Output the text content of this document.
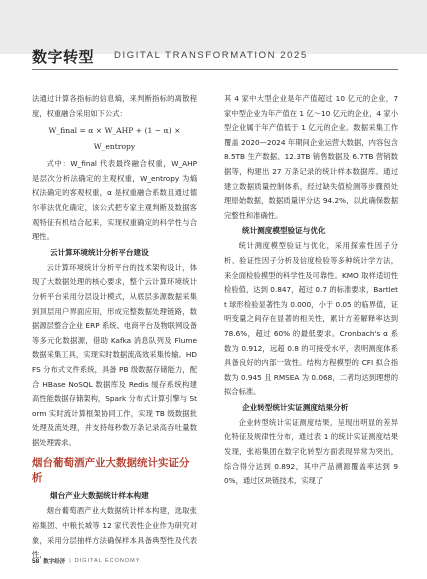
数字转型 DIGITAL TRANSFORMATION 2025

法通过计算各指标的信息熵，来判断指标的离散程度，权重融合采用如下公式：

W_final = α × W_AHP + (1 − α) × W_entropy

式中：W_final 代表最终融合权重，W_AHP 是层次分析法确定的主观权重，W_entropy 为熵权法确定的客观权重，α 是权重融合系数且通过德尔菲法优化确定，该公式把专家主观判断及数据客观特征有机结合起来，实现权重确定的科学性与合理性。

云计算环境统计分析平台建设

云计算环境统计分析平台的技术架构设计，体现了大数据处理的核心要求，整个云计算环境统计分析平台采用分层设计模式，从底层多源数据采集到顶层用户界面应用，形成完整数据处理链路，数据源层整合企业 ERP 系统、电商平台及物联网设备等多元化数据源，借助 Kafka 消息队列及 Flume 数据采集工具，实现实时数据流高效采集传输。HDFS 分布式文件系统，具备 PB 级数据存储能力，配合 HBase NoSQL 数据库及 Redis 缓存系统构建高性能数据存储架构，Spark 分布式计算引擎与 Storm 实时流计算框架协同工作，实现 TB 级数据批处理及流处理，并支持每秒数万条记录高吞吐量数据处理需求。

烟台葡萄酒产业大数据统计实证分析

烟台产业大数据统计样本构建

烟台葡萄酒产业大数据统计样本构建，选取张裕集团、中粮长城等 12 家代表性企业作为研究对象，采用分层抽样方法确保样本具备典型性及代表性，

其 4 家中大型企业是年产值超过 10 亿元的企业，7 家中型企业为年产值在 1 亿～10 亿元的企业，4 家小型企业属于年产值低于 1 亿元的企业。数据采集工作覆盖 2020—2024 年期间企业运营大数据，内容包含 8.5TB 生产数据、12.3TB 销售数据及 6.7TB 营销数据等，构建出 27 万条记录的统计样本数据库。通过建立数据质量控制体系，经过缺失值检测等步骤预处理原始数据，数据质量评分达 94.2%，以此确保数据完整性和准确性。

统计测度模型验证与优化

统计测度模型验证与优化，采用探索性因子分析、验证性因子分析及信度检验等多种统计学方法，来全面检验模型的科学性及可靠性。KMO 取样适切性检验值，达到 0.847，超过 0.7 的标准要求，Bartlett 球形检验显著性为 0.000，小于 0.05 的临界值，证明变量之间存在显著的相关性，累计方差解释率达到 78.6%，超过 60% 的最低要求。Cronbach's α 系数为 0.912，远超 0.8 的可接受水平，表明测度体系具备良好的内部一致性。结构方程模型的 CFI 拟合指数为 0.945 且 RMSEA 为 0.068，二者均达到理想的拟合标准。

企业转型统计实证测度结果分析

企业转型统计实证测度结果，呈现出明显的差异化特征及规律性分布，通过表 1 的统计实证测度结果发现，张裕集团在数字化转型方面表现异常为突出，综合得分达到 0.892，其中产品溯源覆盖率达到 90%，通过区块链技术，实现了

58 数字经济 | DIGITAL ECONOMY
